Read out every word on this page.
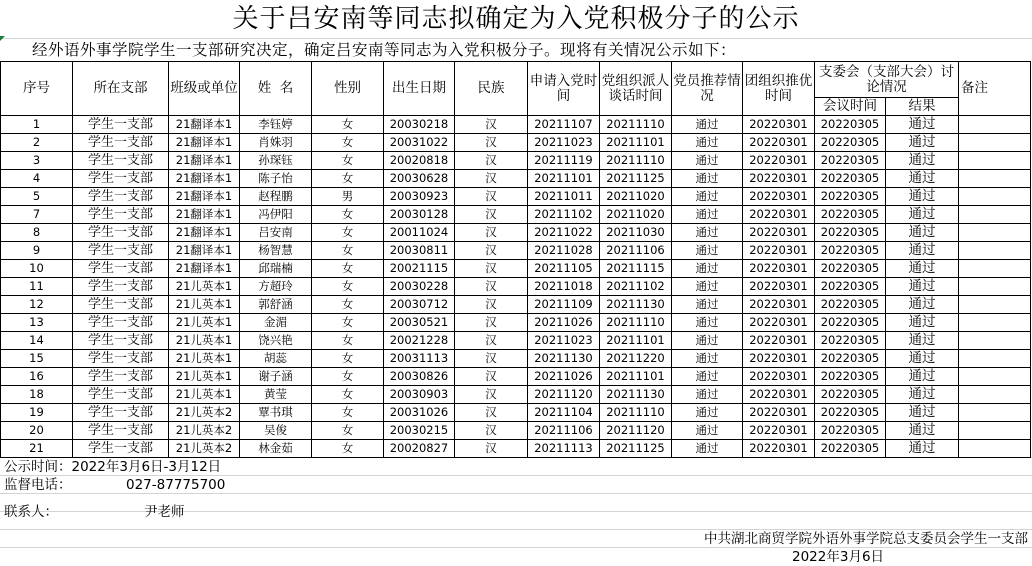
关于吕安南等同志拟确定为入党积极分子的公示
经外语外事学院学生一支部研究决定，确定吕安南等同志为入党积极分子。现将有关情况公示如下：
序号	所在支部	班级或单位	姓  名	性别	出生日期	民族	申请入党时间	党组织派人谈话时间	党员推荐情况	团组织推优时间	支委会（支部大会）讨论情况		备注
											会议时间	结果	
1	学生一支部	21翻译本1	李钰婷	女	20030218	汉	20211107	20211110	通过	20220301	20220305	通过	
2	学生一支部	21翻译本1	肖姝羽	女	20031022	汉	20211023	20211101	通过	20220301	20220305	通过	
3	学生一支部	21翻译本1	孙琛钰	女	20020818	汉	20211119	20211110	通过	20220301	20220305	通过	
4	学生一支部	21翻译本1	陈子怡	女	20030628	汉	20211101	20211125	通过	20220301	20220305	通过	
5	学生一支部	21翻译本1	赵程鹏	男	20030923	汉	20211011	20211020	通过	20220301	20220305	通过	
7	学生一支部	21翻译本1	冯伊阳	女	20030128	汉	20211102	20211020	通过	20220301	20220305	通过	
8	学生一支部	21翻译本1	吕安南	女	20011024	汉	20211022	20211030	通过	20220301	20220305	通过	
9	学生一支部	21翻译本1	杨智慧	女	20030811	汉	20211028	20211106	通过	20220301	20220305	通过	
10	学生一支部	21翻译本1	邱瑞楠	女	20021115	汉	20211105	20211115	通过	20220301	20220305	通过	
11	学生一支部	21儿英本1	方超玲	女	20030228	汉	20211018	20211102	通过	20220301	20220305	通过	
12	学生一支部	21儿英本1	郭舒涵	女	20030712	汉	20211109	20211130	通过	20220301	20220305	通过	
13	学生一支部	21儿英本1	金湄	女	20030521	汉	20211026	20211110	通过	20220301	20220305	通过	
14	学生一支部	21儿英本1	饶兴艳	女	20021228	汉	20211023	20211101	通过	20220301	20220305	通过	
15	学生一支部	21儿英本1	胡蕊	女	20031113	汉	20211130	20211220	通过	20220301	20220305	通过	
16	学生一支部	21儿英本1	谢子涵	女	20030826	汉	20211026	20211101	通过	20220301	20220305	通过	
18	学生一支部	21儿英本1	黄莹	女	20030903	汉	20211120	20211130	通过	20220301	20220305	通过	
19	学生一支部	21儿英本2	覃书琪	女	20031026	汉	20211104	20211110	通过	20220301	20220305	通过	
20	学生一支部	21儿英本2	吴俊	女	20030215	汉	20211106	20211120	通过	20220301	20220305	通过	
21	学生一支部	21儿英本2	林金茹	女	20020827	汉	20211113	20211125	通过	20220301	20220305	通过	
公示时间：2022年3月6日-3月12日
监督电话：	027-87775700
联系人：	尹老师
中共湖北商贸学院外语外事学院总支委员会学生一支部
2022年3月6日
